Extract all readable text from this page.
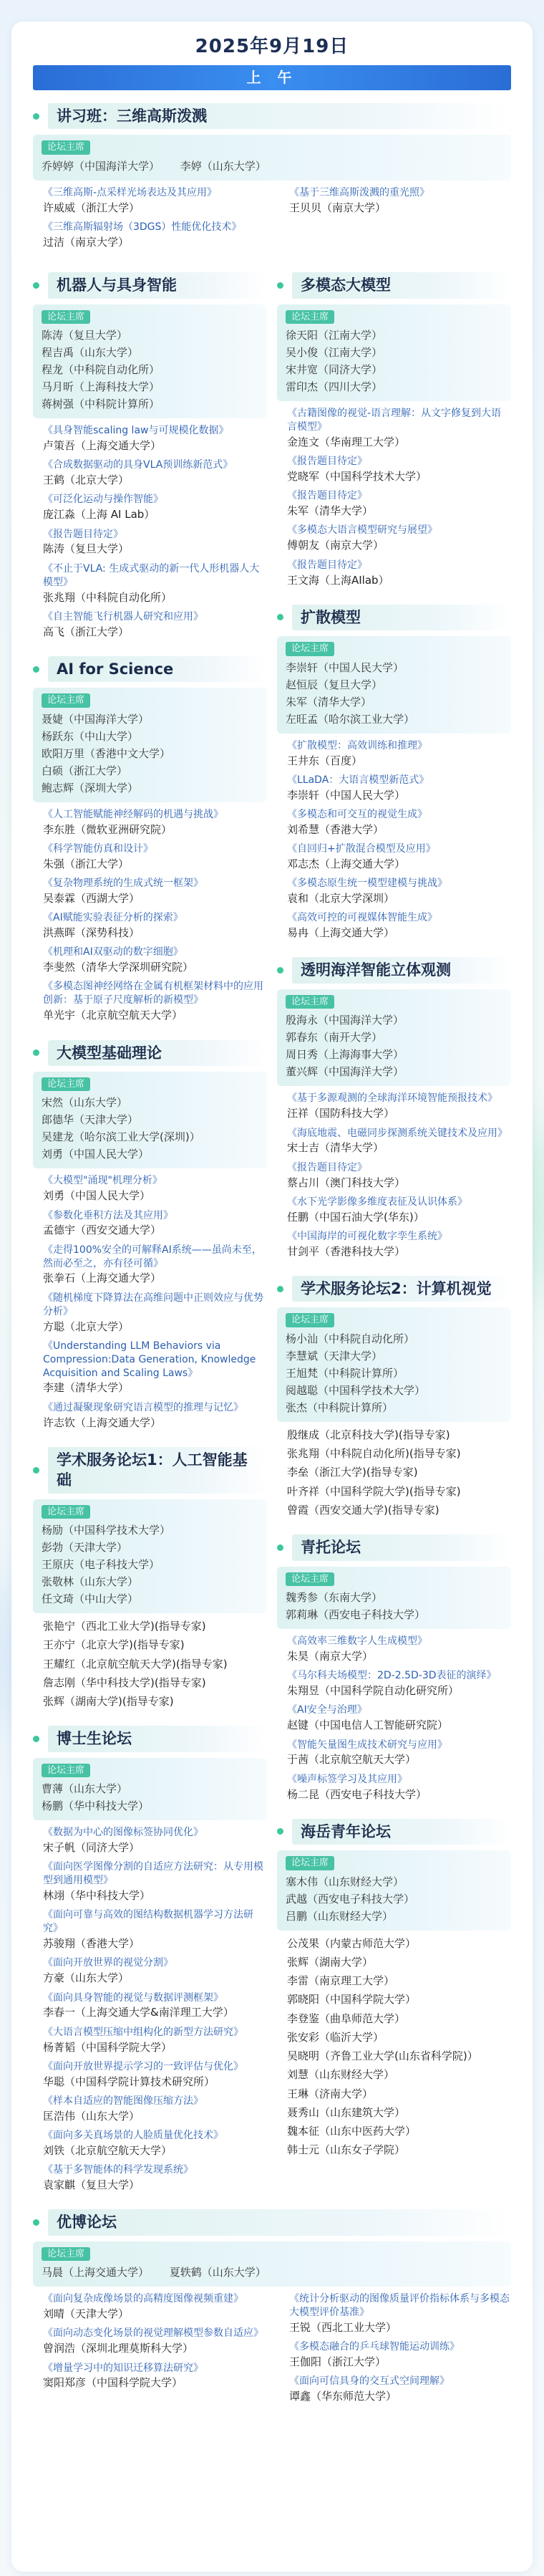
2025年9月19日
上 午
讲习班：三维高斯泼溅
论坛主席
乔婷婷（中国海洋大学） 李婷（山东大学）
《三维高斯-点采样光场表达及其应用》
许威威（浙江大学）
《三维高斯辐射场（3DGS）性能优化技术》
过洁（南京大学）
《基于三维高斯泼溅的重光照》
王贝贝（南京大学）
机器人与具身智能
论坛主席
陈涛（复旦大学）
程吉禹（山东大学）
程龙（中科院自动化所）
马月昕（上海科技大学）
蒋树强（中科院计算所）
《具身智能scaling law与可规模化数据》
卢策吾（上海交通大学）
《合成数据驱动的具身VLA预训练新范式》
王鹤（北京大学）
《可泛化运动与操作智能》
庞江淼（上海 AI Lab）
《报告题目待定》
陈涛（复旦大学）
《不止于VLA: 生成式驱动的新一代人形机器人大模型》
张兆翔（中科院自动化所）
《自主智能飞行机器人研究和应用》
高飞（浙江大学）
AI for Science
论坛主席
聂婕（中国海洋大学）
杨跃东（中山大学）
欧阳万里（香港中文大学）
白硕（浙江大学）
鲍志辉（深圳大学）
《人工智能赋能神经解码的机遇与挑战》
李东胜（微软亚洲研究院）
《科学智能仿真和设计》
朱强（浙江大学）
《复杂物理系统的生成式统一框架》
吴泰霖（西湖大学）
《AI赋能实验表征分析的探索》
洪燕晖（深势科技）
《机理和AI双驱动的数字细胞》
李斐然（清华大学深圳研究院）
《多模态图神经网络在金属有机框架材料中的应用创新：基于原子尺度解析的新模型》
单光宇（北京航空航天大学）
大模型基础理论
论坛主席
宋然（山东大学）
郎德华（天津大学）
吴建龙（哈尔滨工业大学(深圳)）
刘勇（中国人民大学）
《大模型"涌现"机理分析》
刘勇（中国人民大学）
《参数化垂积方法及其应用》
孟德宇（西安交通大学）
《走得100%安全的可解释AI系统——虽尚未至，然而必至之，亦有径可循》
张拳石（上海交通大学）
《随机梯度下降算法在高维问题中正则效应与优势分析》
方聪（北京大学）
《Understanding LLM Behaviors via Compression:Data Generation, Knowledge Acquisition and Scaling Laws》
李建（清华大学）
《通过凝聚现象研究语言模型的推理与记忆》
许志钦（上海交通大学）
学术服务论坛1：人工智能基础
论坛主席
杨励（中国科学技术大学）
彭勃（天津大学）
王原庆（电子科技大学）
张敬林（山东大学）
任文琦（中山大学）
张艳宁（西北工业大学)(指导专家)
王亦宁（北京大学)(指导专家)
王耀红（北京航空航天大学)(指导专家)
詹志刚（华中科技大学)(指导专家)
张辉（湖南大学)(指导专家)
博士生论坛
论坛主席
曹薄（山东大学）
杨鹏（华中科技大学）
《数据为中心的图像标签协同优化》
宋子帆（同济大学）
《面向医学图像分割的自适应方法研究：从专用模型到通用模型》
林翊（华中科技大学）
《面向可靠与高效的图结构数据机器学习方法研究》
苏骏翔（香港大学）
《面向开放世界的视觉分割》
方豪（山东大学）
《面向具身智能的视觉与数据评测框架》
李春一（上海交通大学&南洋理工大学）
《大语言模型压缩中组构化的新型方法研究》
杨菁韬（中国科学院大学）
《面向开放世界提示学习的一致评估与优化》
华聪（中国科学院计算技术研究所）
《样本自适应的智能图像压缩方法》
匡浩伟（山东大学）
《面向多关真场景的人脸质量优化技术》
刘铁（北京航空航天大学）
《基于多智能体的科学发现系统》
袁家麒（复旦大学）
多模态大模型
论坛主席
徐天阳（江南大学）
吴小俊（江南大学）
宋井宽（同济大学）
雷印杰（四川大学）
《古籍图像的视觉-语言理解：从文字修复到大语言模型》
金连文（华南理工大学）
《报告题目待定》
党晓军（中国科学技术大学）
《报告题目待定》
朱军（清华大学）
《多模态大语言模型研究与展望》
傅朝友（南京大学）
《报告题目待定》
王文海（上海AIlab）
扩散模型
论坛主席
李崇轩（中国人民大学）
赵恒辰（复旦大学）
朱军（清华大学）
左旺孟（哈尔滨工业大学）
《扩散模型：高效训练和推理》
王井东（百度）
《LLaDA：大语言模型新范式》
李崇轩（中国人民大学）
《多模态和可交互的视觉生成》
刘希慧（香港大学）
《自回归+扩散混合模型及应用》
邓志杰（上海交通大学）
《多模态原生统一模型建模与挑战》
袁和（北京大学深圳）
《高效可控的可视媒体智能生成》
易冉（上海交通大学）
透明海洋智能立体观测
论坛主席
殷海永（中国海洋大学）
郭春东（南开大学）
周日秀（上海海事大学）
董兴辉（中国海洋大学）
《基于多源观测的全球海洋环境智能预报技术》
汪祥（国防科技大学）
《海底地震、电磁同步探测系统关键技术及应用》
宋士吉（清华大学）
《报告题目待定》
蔡占川（澳门科技大学）
《水下光学影像多维度表征及认识体系》
任鹏（中国石油大学(华东)）
《中国海岸的可视化数字孪生系统》
甘剑平（香港科技大学）
学术服务论坛2：计算机视觉
论坛主席
杨小汕（中科院自动化所）
李慧斌（天津大学）
王旭梵（中科院计算所）
阅越聪（中国科学技术大学）
张杰（中科院计算所）
殷继成（北京科技大学)(指导专家)
张兆翔（中科院自动化所)(指导专家)
李垒（浙江大学)(指导专家)
叶齐祥（中国科学院大学)(指导专家)
曾霞（西安交通大学)(指导专家)
青托论坛
论坛主席
魏秀参（东南大学）
郭莉琳（西安电子科技大学）
《高效率三维数字人生成模型》
朱昊（南京大学）
《马尔科夫场模型：2D-2.5D-3D表征的演绎》
朱翔昱（中国科学院自动化研究所）
《AI安全与治理》
赵键（中国电信人工智能研究院）
《智能矢量图生成技术研究与应用》
于茜（北京航空航天大学）
《噪声标签学习及其应用》
杨二昆（西安电子科技大学）
海岳青年论坛
论坛主席
塞木伟（山东财经大学）
武越（西安电子科技大学）
吕鹏（山东财经大学）
公茂果（内蒙古师范大学）
张辉（湖南大学）
李雷（南京理工大学）
郭晓阳（中国科学院大学）
李登鉴（曲阜师范大学）
张安彩（临沂大学）
吴晓明（齐鲁工业大学(山东省科学院)）
刘慧（山东财经大学）
王琳（济南大学）
聂秀山（山东建筑大学）
魏本征（山东中医药大学）
韩士元（山东女子学院）
优博论坛
论坛主席
马晨（上海交通大学） 夏轶鹤（山东大学）
《面向复杂成像场景的高精度图像视频重建》
刘晴（天津大学）
《面向动态变化场景的视觉理解模型参数自适应》
曾润浩（深圳北理莫斯科大学）
《增量学习中的知识迁移算法研究》
窦阳郑彦（中国科学院大学）
《统计分析驱动的图像质量评价指标体系与多模态大模型评价基准》
王锐（西北工业大学）
《多模态融合的乒乓球智能运动训练》
王伽阳（浙江大学）
《面向可信具身的交互式空间理解》
谭鑫（华东师范大学）
